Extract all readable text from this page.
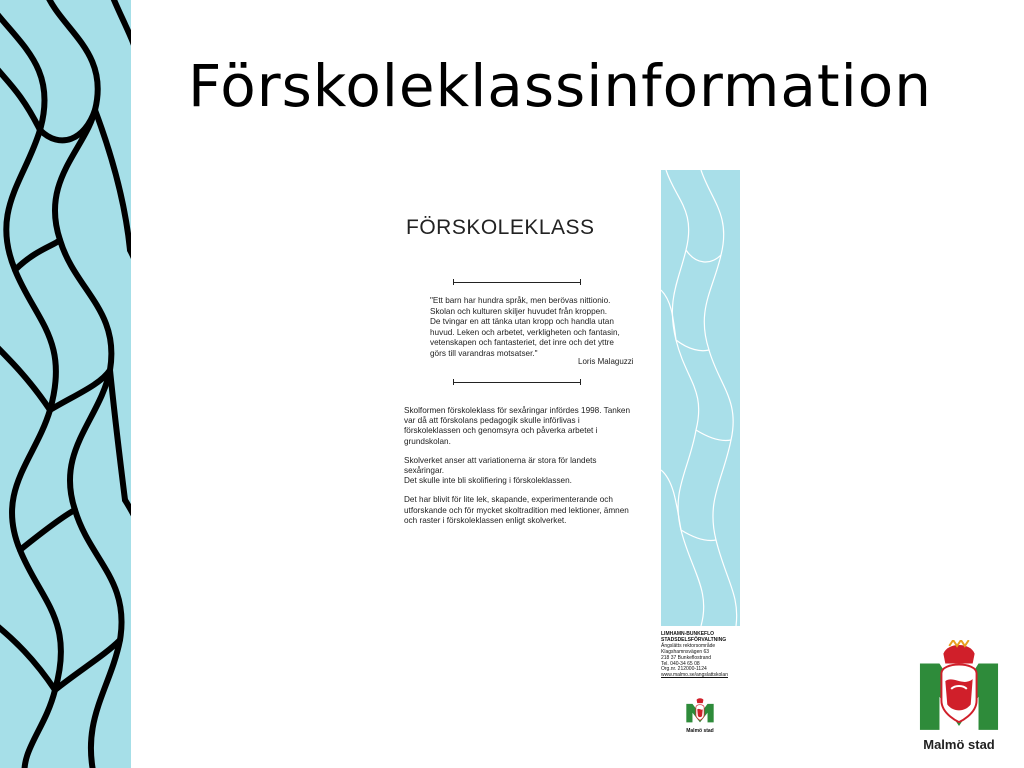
Förskoleklassinformation
FÖRSKOLEKLASS

"Ett barn har hundra språk, men berövas nittionio.

Skolan och kulturen skiljer huvudet från kroppen.

De tvingar en att tänka utan kropp och handla utan

huvud. Leken och arbetet, verkligheten och fantasin,

vetenskapen och fantasteriet, det inre och det yttre

görs till varandras motsatser."

Loris Malaguzzi

Skolformen förskoleklass för sexåringar infördes 1998. Tanken var då att förskolans pedagogik skulle införlivas i förskoleklassen och genomsyra och påverka arbetet i grundskolan.

Skolverket anser att variationerna är stora för landets sexåringar.
Det skulle inte bli skolifiering i förskoleklassen.

Det har blivit för lite lek, skapande, experimenterande och utforskande och för mycket skoltradition med lektioner, ämnen och raster i förskoleklassen enligt skolverket.

LIMHAMN-BUNKEFLO
STADSDELSFÖRVALTNING
Ängslätts rektorsområde
Klagshamnsvägen 63
218 37 Bunkeflostrand
Tel. 040-34 65 08
Org.nr. 212000-1124
www.malmo.se/angslattskolan
Malmö stad
Malmö stad
